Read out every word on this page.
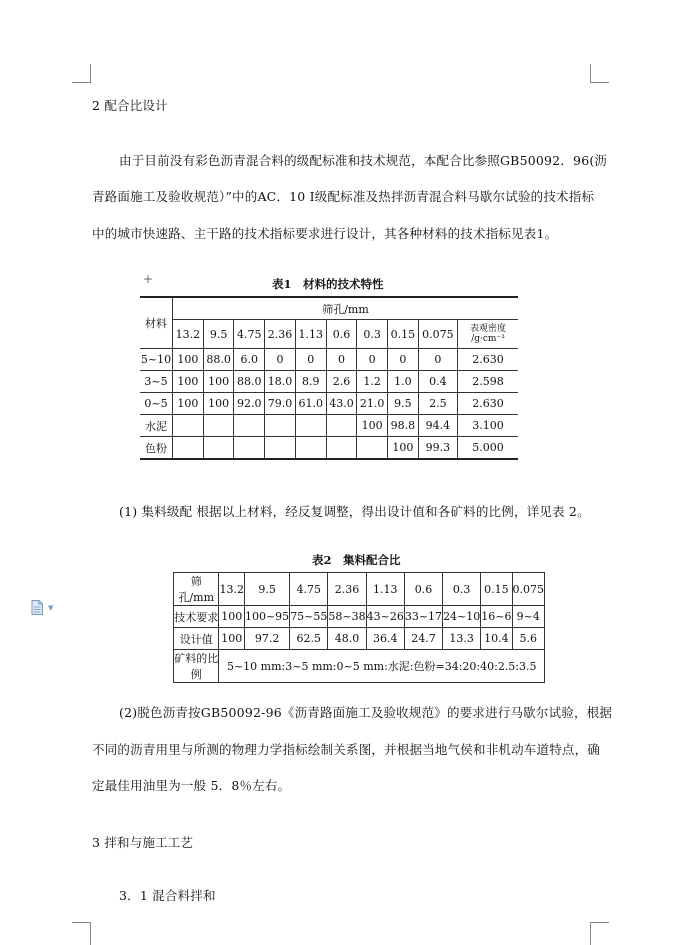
2 配合比设计
由于目前没有彩色沥青混合料的级配标准和技术规范，本配合比参照GB50092．96(沥
青路面施工及验收规范）”中的AC．10 I级配标准及热拌沥青混合料马歇尔试验的技术指标
中的城市快速路、主干路的技术指标要求进行设计，其各种材料的技术指标见表1。
+	表1　材料的技术特性
材料	筛孔/mm									
	13.2	9.5	4.75	2.36	1.13	0.6	0.3	0.15	0.075	表观密度
/g·cm⁻³

5~10	100	88.0	6.0	0	0	0	0	0	0	2.630
3~5	100	100	88.0	18.0	8.9	2.6	1.2	1.0	0.4	2.598
0~5	100	100	92.0	79.0	61.0	43.0	21.0	9.5	2.5	2.630
水泥							100	98.8	94.4	3.100
色粉								100	99.3	5.000
(1) 集料级配 根据以上材料，经反复调整，得出设计值和各矿料的比例，详见表 2。
表2　集料配合比
筛孔/mm	13.2	9.5	4.75	2.36	1.13	0.6	0.3	0.15	0.075
技术要求	100	100~95	75~55	58~38	43~26	33~17	24~10	16~6	9~4
设计值	100	97.2	62.5	48.0	36.4	24.7	13.3	10.4	5.6
矿料的比例	5~10 mm:3~5 mm:0~5 mm:水泥:色粉=34:20:40:2.5:3.5								
(2)脱色沥青按GB50092-96《沥青路面施工及验收规范》的要求进行马歇尔试验，根据
不同的沥青用里与所测的物理力学指标绘制关系图，并根据当地气侯和非机动车道特点，确
定最佳用油里为一般 5．8％左右。
3 拌和与施工工艺
3．1 混合料拌和
▼
